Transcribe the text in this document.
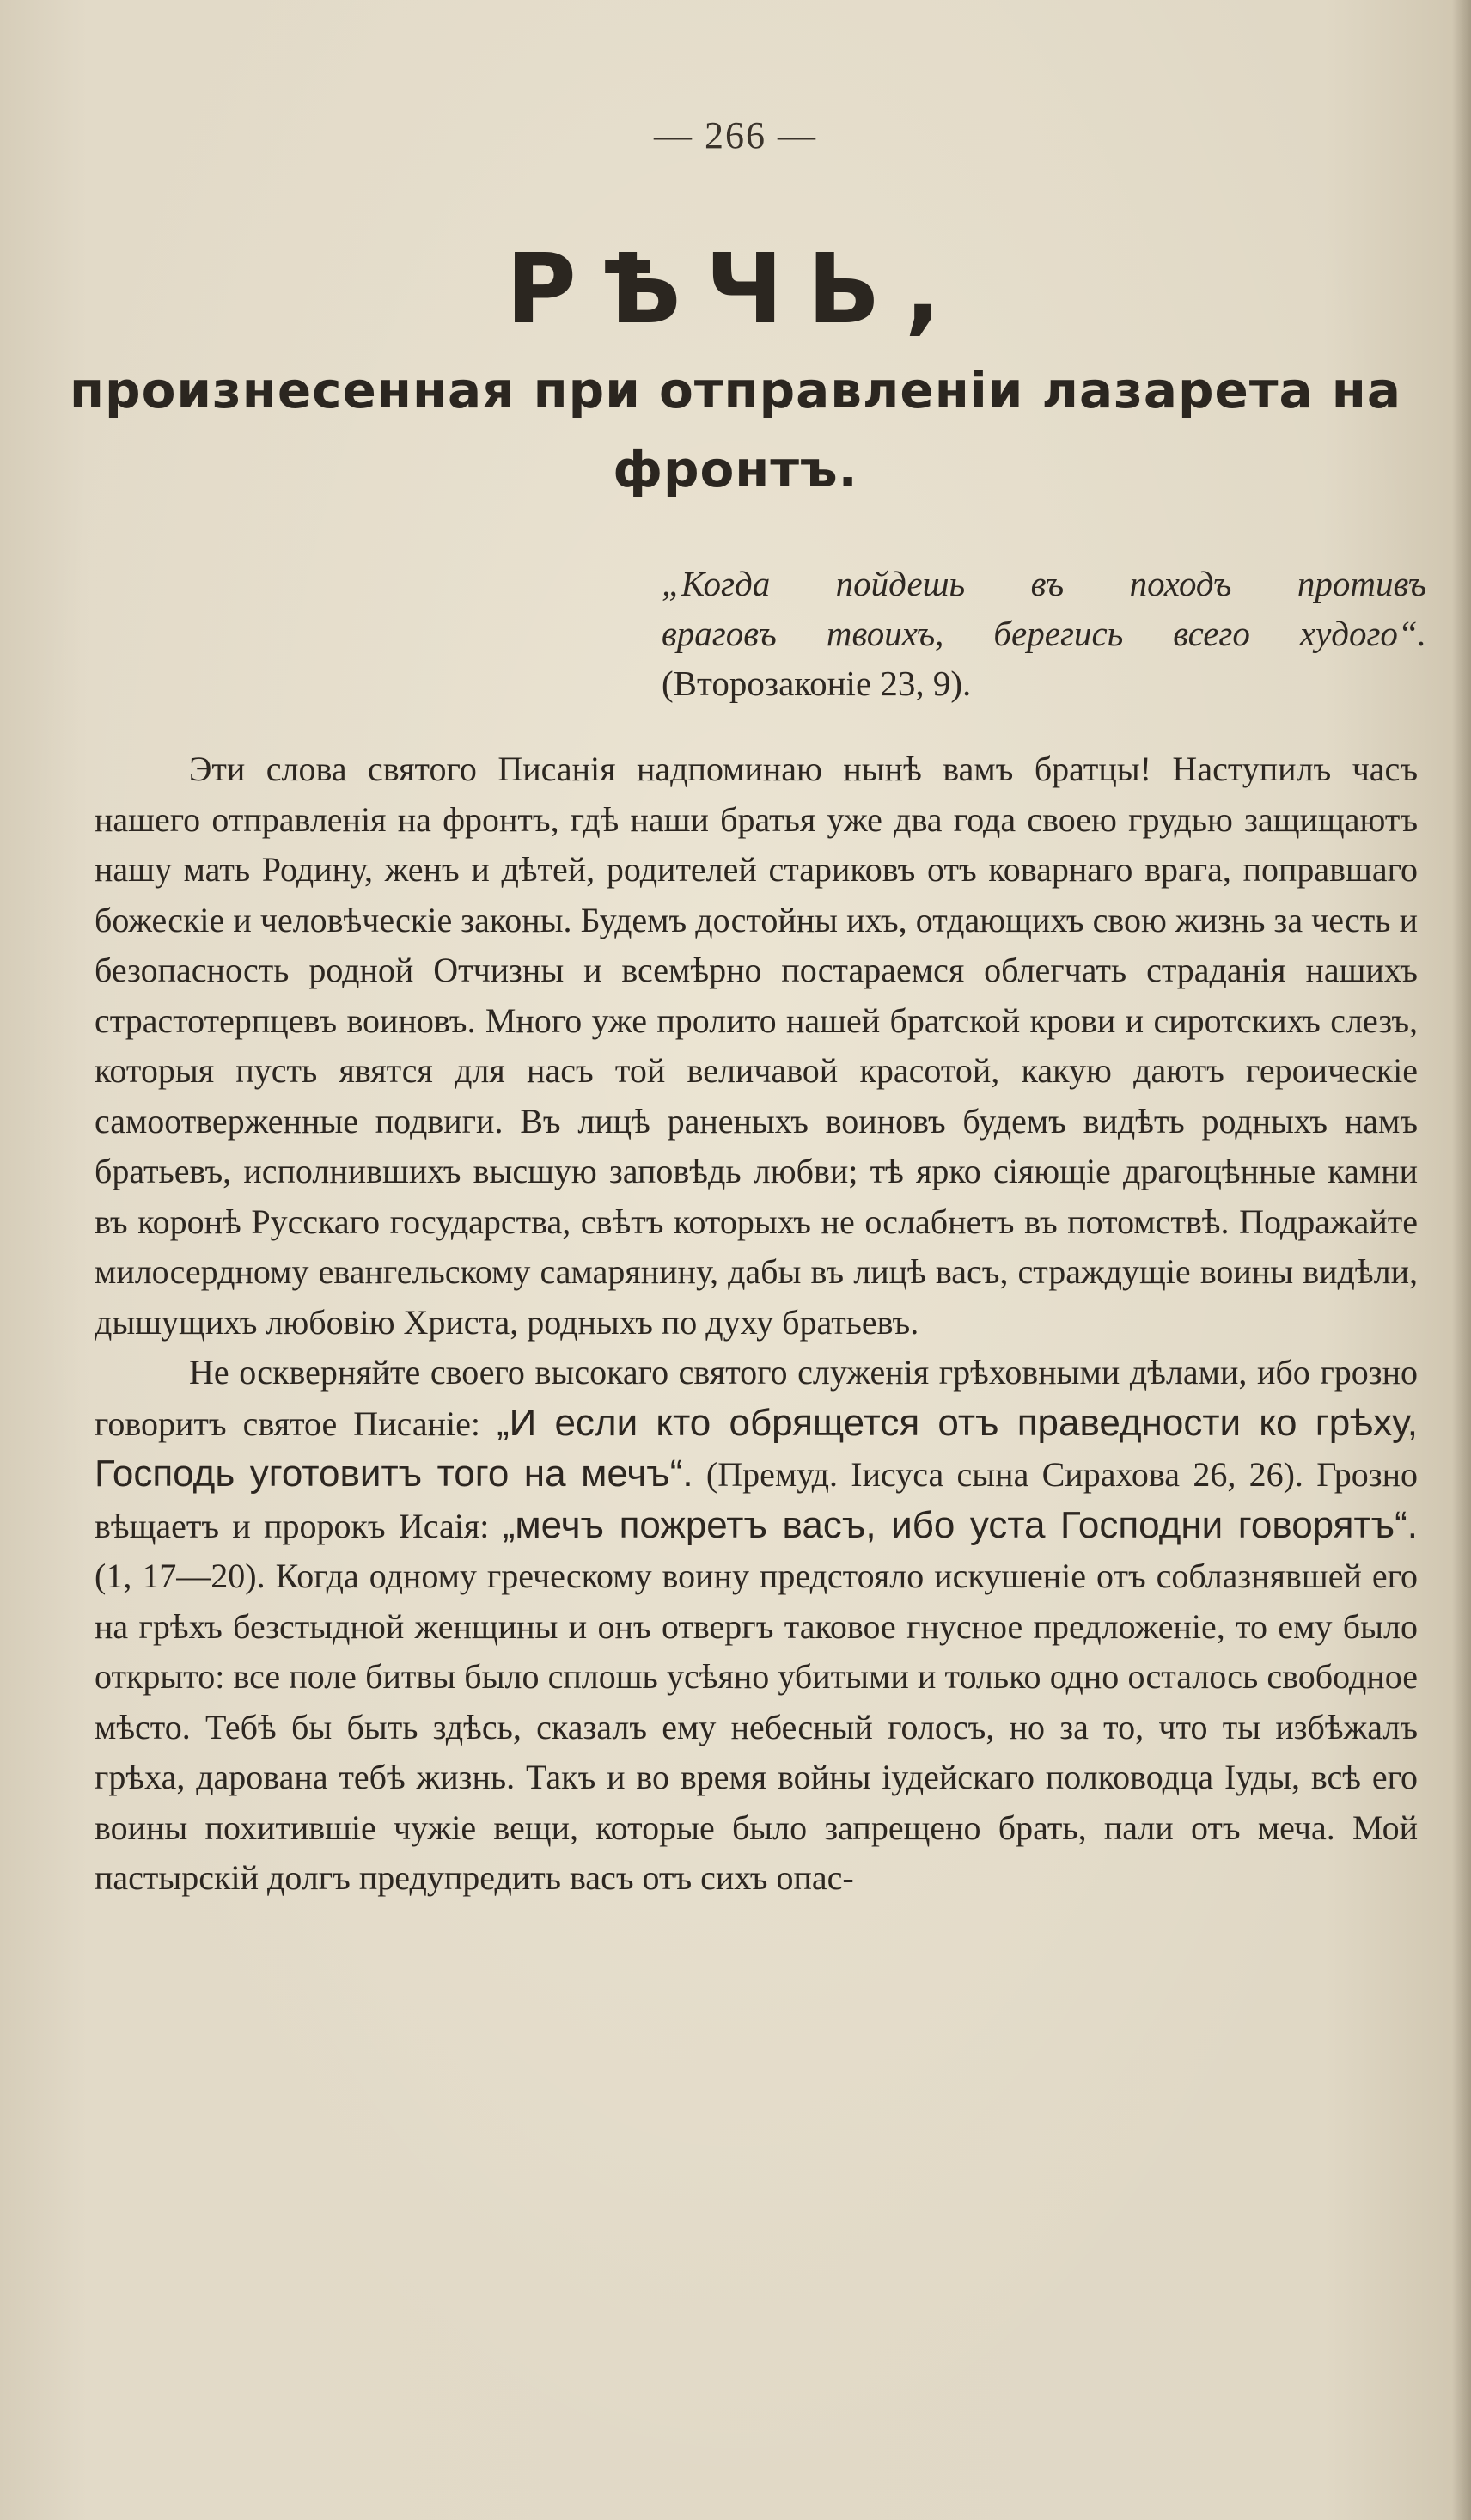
— 266 —
РѢЧЬ,
произнесенная при отправленіи лазарета на фронтъ.
„Когда пойдешь въ походъ противъ
враговъ твоихъ, берегись всего худого“.
(Второзаконіе 23, 9).

Эти слова святого Писанія надпоминаю нынѣ вамъ братцы! Наступилъ часъ нашего отправленія на фронтъ, гдѣ наши братья уже два года своею грудью защищаютъ нашу мать Родину, женъ и дѣтей, родителей стариковъ отъ коварнаго врага, поправшаго божескіе и человѣческіе законы. Будемъ достойны ихъ, отдающихъ свою жизнь за честь и безопасность родной Отчизны и всемѣрно постараемся облегчать страданія нашихъ страстотерпцевъ воиновъ. Много уже пролито нашей братской крови и сиротскихъ слезъ, которыя пусть явятся для насъ той величавой красотой, какую даютъ героическіе самоотверженные подвиги. Въ лицѣ раненыхъ воиновъ будемъ видѣть родныхъ намъ братьевъ, исполнившихъ высшую заповѣдь любви; тѣ ярко сіяющіе драгоцѣнные камни въ коронѣ Русскаго государства, свѣтъ которыхъ не ослабнетъ въ потомствѣ. Подражайте милосердному евангельскому самарянину, дабы въ лицѣ васъ, страждущіе воины видѣли, дышущихъ любовію Христа, родныхъ по духу братьевъ.

Не оскверняйте своего высокаго святого служенія грѣховными дѣлами, ибо грозно говоритъ святое Писаніе: „И если кто обрящется отъ праведности ко грѣху, Господь уготовитъ того на мечъ“. (Премуд. Іисуса сына Сирахова 26, 26). Грозно вѣщаетъ и пророкъ Исаія: „мечъ пожретъ васъ, ибо уста Господни говорятъ“. (1, 17—20). Когда одному греческому воину предстояло искушеніе отъ соблазнявшей его на грѣхъ безстыдной женщины и онъ отвергъ таковое гнусное предложеніе, то ему было открыто: все поле битвы было сплошь усѣяно убитыми и только одно осталось свободное мѣсто. Тебѣ бы быть здѣсь, сказалъ ему небесный голосъ, но за то, что ты избѣжалъ грѣха, дарована тебѣ жизнь. Такъ и во время войны іудейскаго полководца Іуды, всѣ его воины похитившіе чужіе вещи, которые было запрещено брать, пали отъ меча. Мой пастырскій долгъ предупредить васъ отъ сихъ опас-
